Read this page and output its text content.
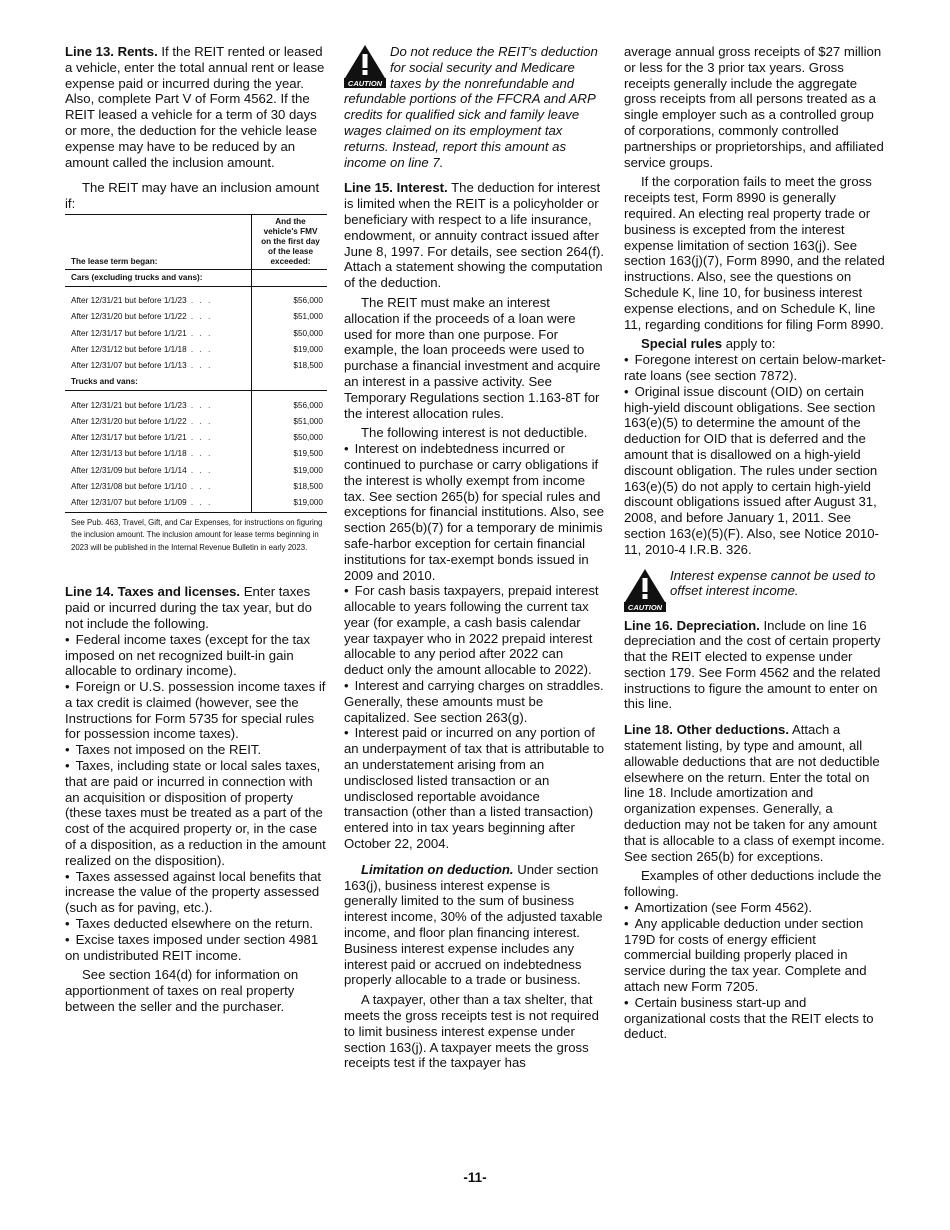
Line 13. Rents. If the REIT rented or leased a vehicle, enter the total annual rent or lease expense paid or incurred during the year. Also, complete Part V of Form 4562. If the REIT leased a vehicle for a term of 30 days or more, the deduction for the vehicle lease expense may have to be reduced by an amount called the inclusion amount.

The REIT may have an inclusion amount if:

The lease term began:	And the vehicle's FMV on the first day of the lease exceeded:
Cars (excluding trucks and vans):	

After 12/31/21 but before 1/1/23 . . .	$56,000
After 12/31/20 but before 1/1/22 . . .	$51,000
After 12/31/17 but before 1/1/21 . . .	$50,000
After 12/31/12 but before 1/1/18 . . .	$19,000
After 12/31/07 but before 1/1/13 . . .	$18,500
Trucks and vans:	

After 12/31/21 but before 1/1/23 . . .	$56,000
After 12/31/20 but before 1/1/22 . . .	$51,000
After 12/31/17 but before 1/1/21 . . .	$50,000
After 12/31/13 but before 1/1/18 . . .	$19,500
After 12/31/09 but before 1/1/14 . . .	$19,000
After 12/31/08 but before 1/1/10 . . .	$18,500
After 12/31/07 but before 1/1/09 . . .	$19,000
See Pub. 463, Travel, Gift, and Car Expenses, for instructions on figuring the inclusion amount. The inclusion amount for lease terms beginning in 2023 will be published in the Internal Revenue Bulletin in early 2023.

Line 14. Taxes and licenses. Enter taxes paid or incurred during the tax year, but do not include the following.

• Federal income taxes (except for the tax imposed on net recognized built-in gain allocable to ordinary income).

• Foreign or U.S. possession income taxes if a tax credit is claimed (however, see the Instructions for Form 5735 for special rules for possession income taxes).

• Taxes not imposed on the REIT.

• Taxes, including state or local sales taxes, that are paid or incurred in connection with an acquisition or disposition of property (these taxes must be treated as a part of the cost of the acquired property or, in the case of a disposition, as a reduction in the amount realized on the disposition).

• Taxes assessed against local benefits that increase the value of the property assessed (such as for paving, etc.).

• Taxes deducted elsewhere on the return.

• Excise taxes imposed under section 4981 on undistributed REIT income.

See section 164(d) for information on apportionment of taxes on real property between the seller and the purchaser.

CAUTION
Do not reduce the REIT's deduction for social security and Medicare taxes by the nonrefundable and refundable portions of the FFCRA and ARP credits for qualified sick and family leave wages claimed on its employment tax returns. Instead, report this amount as income on line 7.

Line 15. Interest. The deduction for interest is limited when the REIT is a policyholder or beneficiary with respect to a life insurance, endowment, or annuity contract issued after June 8, 1997. For details, see section 264(f). Attach a statement showing the computation of the deduction.

The REIT must make an interest allocation if the proceeds of a loan were used for more than one purpose. For example, the loan proceeds were used to purchase a financial investment and acquire an interest in a passive activity. See Temporary Regulations section 1.163-8T for the interest allocation rules.

The following interest is not deductible.

• Interest on indebtedness incurred or continued to purchase or carry obligations if the interest is wholly exempt from income tax. See section 265(b) for special rules and exceptions for financial institutions. Also, see section 265(b)(7) for a temporary de minimis safe-harbor exception for certain financial institutions for tax-exempt bonds issued in 2009 and 2010.

• For cash basis taxpayers, prepaid interest allocable to years following the current tax year (for example, a cash basis calendar year taxpayer who in 2022 prepaid interest allocable to any period after 2022 can deduct only the amount allocable to 2022).

• Interest and carrying charges on straddles. Generally, these amounts must be capitalized. See section 263(g).

• Interest paid or incurred on any portion of an underpayment of tax that is attributable to an understatement arising from an undisclosed listed transaction or an undisclosed reportable avoidance transaction (other than a listed transaction) entered into in tax years beginning after October 22, 2004.

Limitation on deduction. Under section 163(j), business interest expense is generally limited to the sum of business interest income, 30% of the adjusted taxable income, and floor plan financing interest. Business interest expense includes any interest paid or accrued on indebtedness properly allocable to a trade or business.

A taxpayer, other than a tax shelter, that meets the gross receipts test is not required to limit business interest expense under section 163(j). A taxpayer meets the gross receipts test if the taxpayer has

average annual gross receipts of $27 million or less for the 3 prior tax years. Gross receipts generally include the aggregate gross receipts from all persons treated as a single employer such as a controlled group of corporations, commonly controlled partnerships or proprietorships, and affiliated service groups.

If the corporation fails to meet the gross receipts test, Form 8990 is generally required. An electing real property trade or business is excepted from the interest expense limitation of section 163(j). See section 163(j)(7), Form 8990, and the related instructions. Also, see the questions on Schedule K, line 10, for business interest expense elections, and on Schedule K, line 11, regarding conditions for filing Form 8990.

Special rules apply to:

• Foregone interest on certain below-market-rate loans (see section 7872).

• Original issue discount (OID) on certain high-yield discount obligations. See section 163(e)(5) to determine the amount of the deduction for OID that is deferred and the amount that is disallowed on a high-yield discount obligation. The rules under section 163(e)(5) do not apply to certain high-yield discount obligations issued after August 31, 2008, and before January 1, 2011. See section 163(e)(5)(F). Also, see Notice 2010-11, 2010-4 I.R.B. 326.

CAUTION
Interest expense cannot be used to offset interest income.

Line 16. Depreciation. Include on line 16 depreciation and the cost of certain property that the REIT elected to expense under section 179. See Form 4562 and the related instructions to figure the amount to enter on this line.

Line 18. Other deductions. Attach a statement listing, by type and amount, all allowable deductions that are not deductible elsewhere on the return. Enter the total on line 18. Include amortization and organization expenses. Generally, a deduction may not be taken for any amount that is allocable to a class of exempt income. See section 265(b) for exceptions.

Examples of other deductions include the following.

• Amortization (see Form 4562).

• Any applicable deduction under section 179D for costs of energy efficient commercial building properly placed in service during the tax year. Complete and attach new Form 7205.

• Certain business start-up and organizational costs that the REIT elects to deduct.

-11-
